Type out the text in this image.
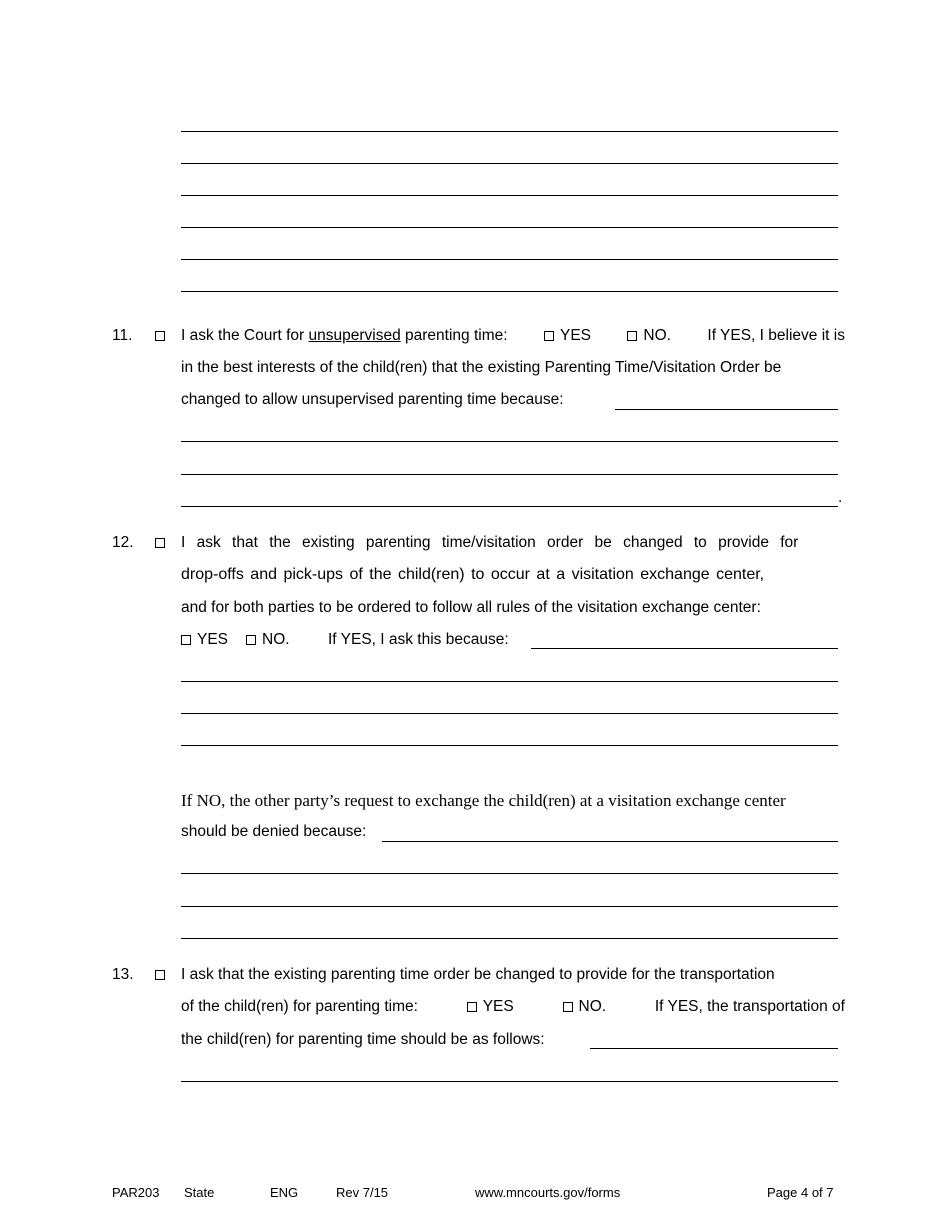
11.	I ask the Court for unsupervised parenting time:	YES	NO. If YES, I believe it is
in the best interests of the child(ren) that the existing Parenting Time/Visitation Order be
changed to allow unsupervised parenting time because:
.
12.	I ask that the existing parenting time/visitation order be changed to provide for
drop-offs and pick-ups of the child(ren) to occur at a visitation exchange center,
and for both parties to be ordered to follow all rules of the visitation exchange center:
YES	NO. If YES, I ask this because:
If NO, the other party’s request to exchange the child(ren) at a visitation exchange center
should be denied because:
13.	I ask that the existing parenting time order be changed to provide for the transportation
of the child(ren) for parenting time:	YES	NO.	If YES, the transportation of
the child(ren) for parenting time should be as follows:
PAR203 State	ENG	Rev 7/15	www.mncourts.gov/forms	Page 4 of 7
